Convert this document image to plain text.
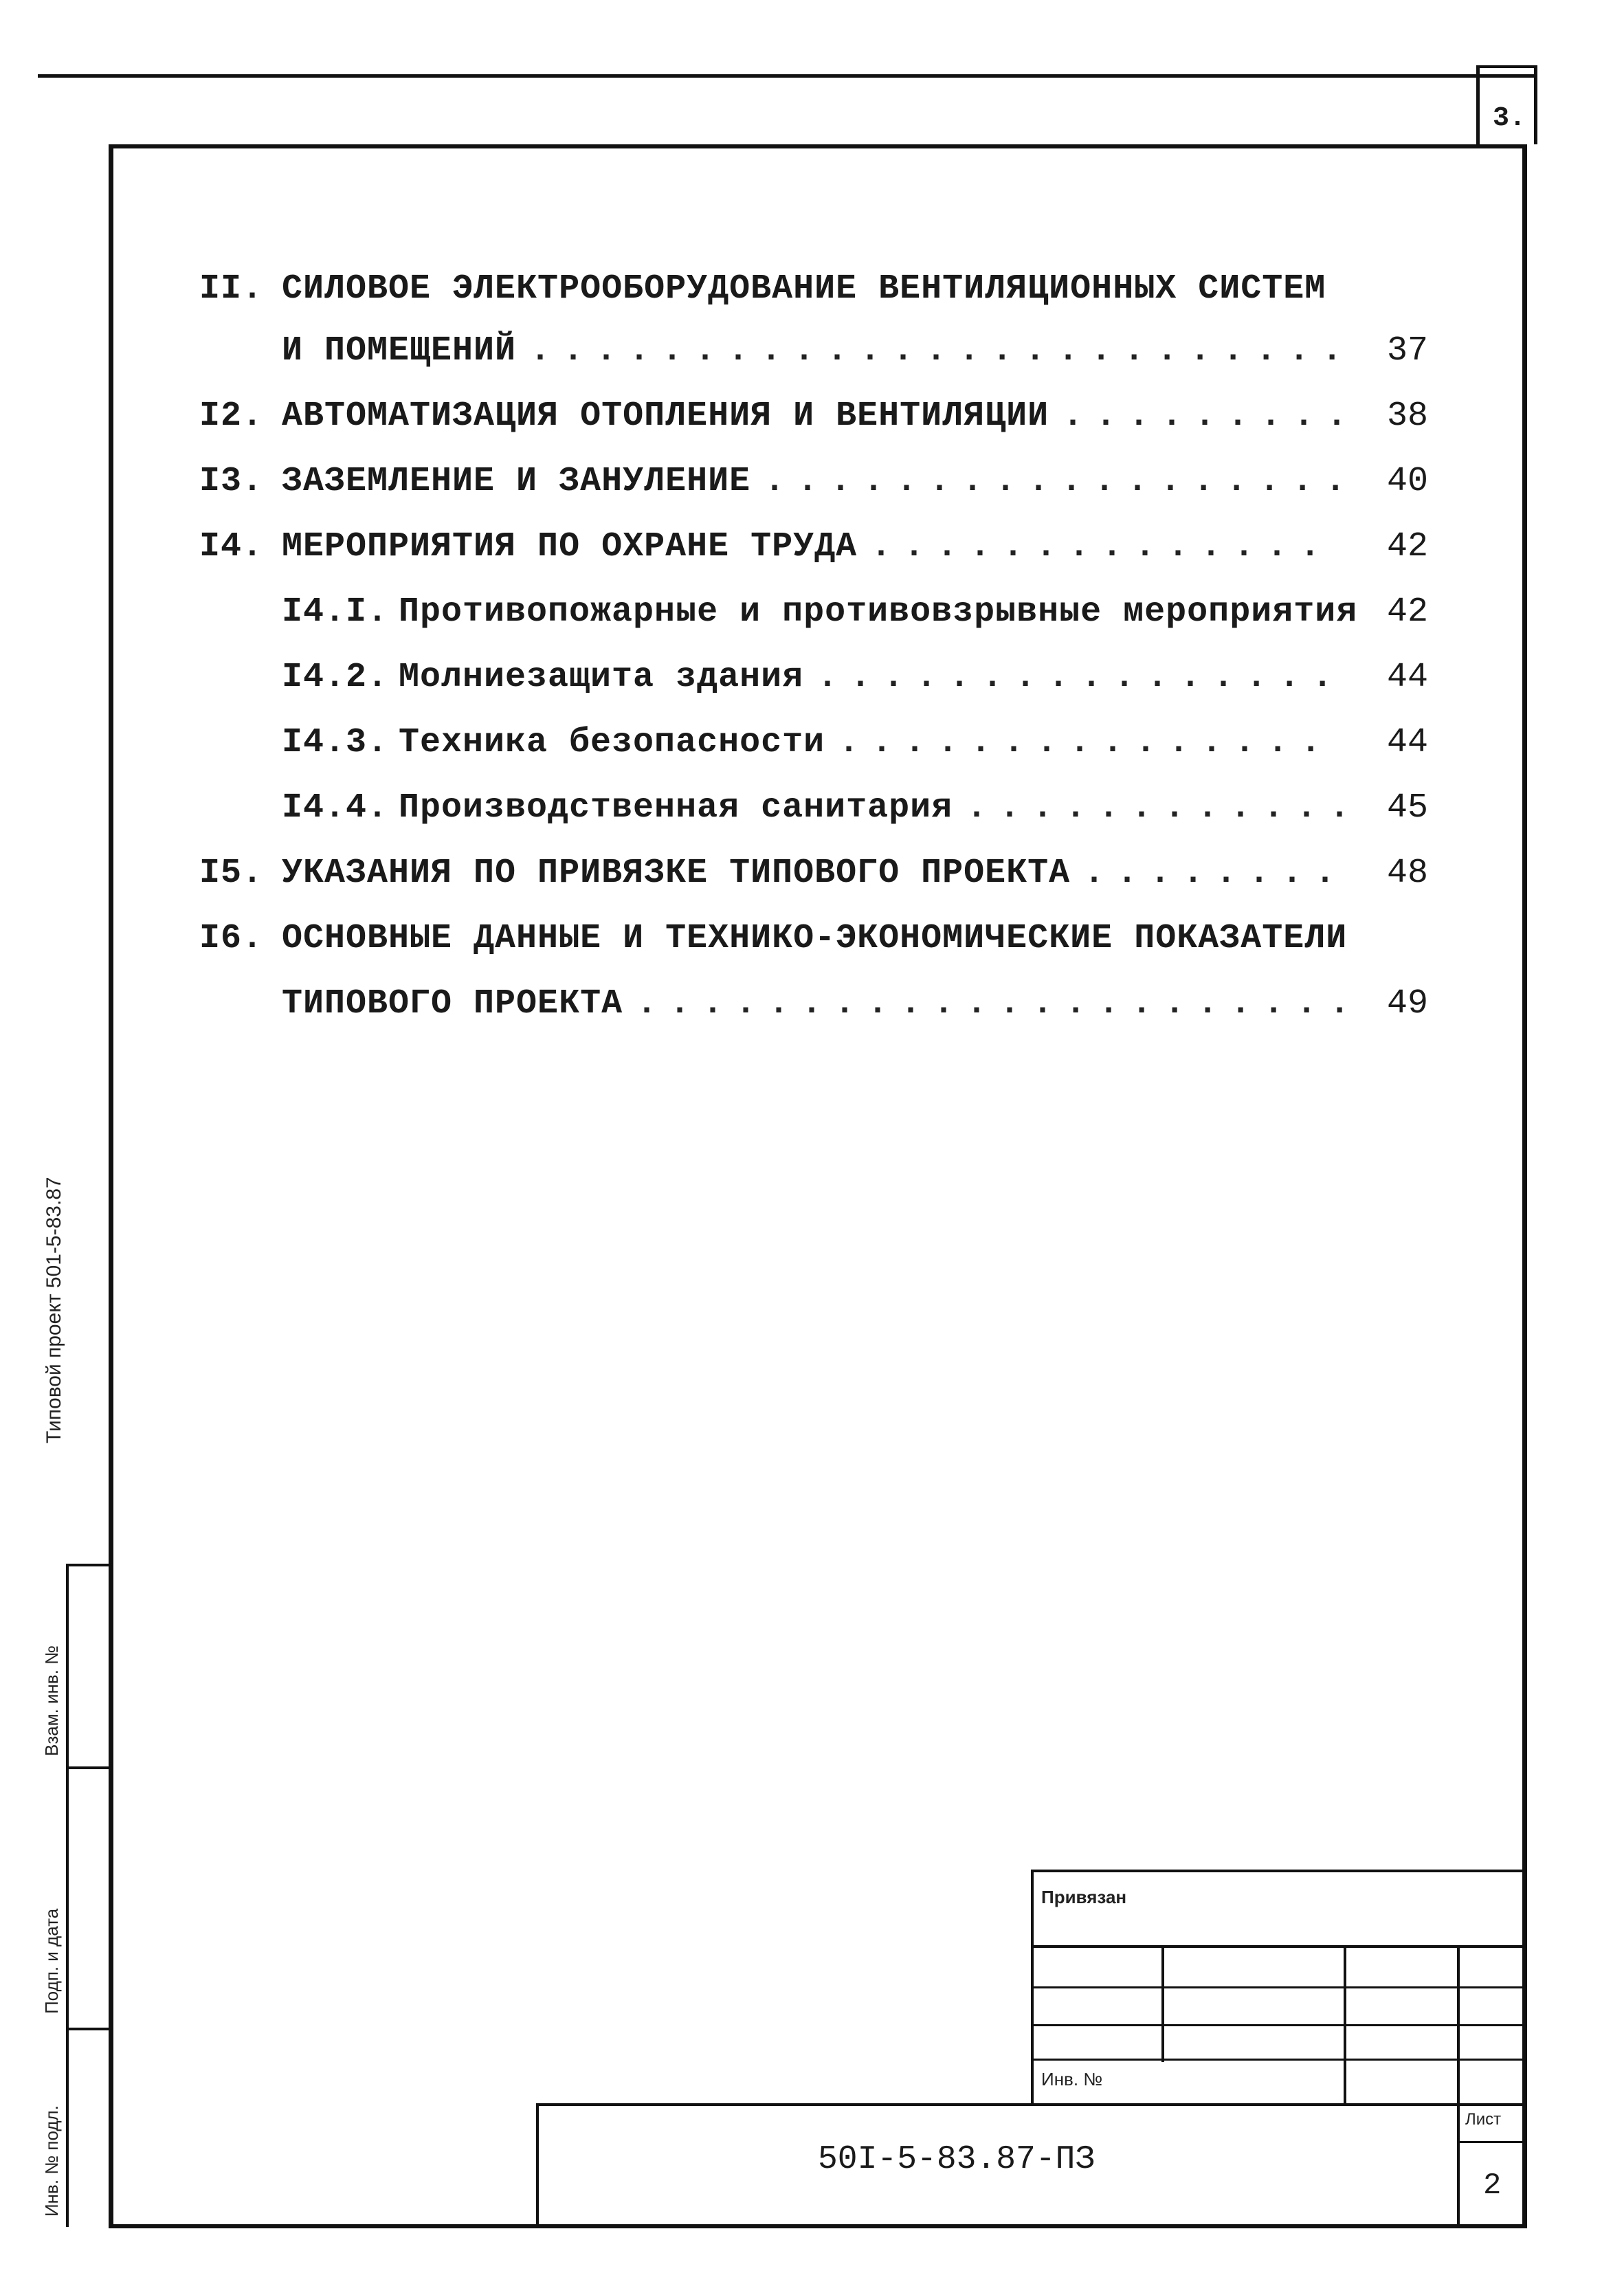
3.
II. СИЛОВОЕ ЭЛЕКТРООБОРУДОВАНИЕ ВЕНТИЛЯЦИОННЫХ СИСТЕМ
И ПОМЕЩЕНИЙ	37
.........................
I2. АВТОМАТИЗАЦИЯ ОТОПЛЕНИЯ И ВЕНТИЛЯЦИИ	38
.........
I3. ЗАЗЕМЛЕНИЕ И ЗАНУЛЕНИЕ	40
..................
I4. МЕРОПРИЯТИЯ ПО ОХРАНЕ ТРУДА	42
..............
I4.I. Противопожарные и противовзрывные мероприятия 42
I4.2. Молниезащита здания	44
................
I4.3. Техника безопасности	44
...............
I4.4. Производственная санитария	45
............
I5. УКАЗАНИЯ ПО ПРИВЯЗКЕ ТИПОВОГО ПРОЕКТА	48
........
I6. ОСНОВНЫЕ ДАННЫЕ И ТЕХНИКО-ЭКОНОМИЧЕСКИЕ ПОКАЗАТЕЛИ
ТИПОВОГО ПРОЕКТА	49
......................
Типовой проект 501-5-83.87
Взам. инв. №
Подп. и дата
Инв. № подл.
Привязан
Инв. №
50I-5-83.87-ПЗ
Лист
2
